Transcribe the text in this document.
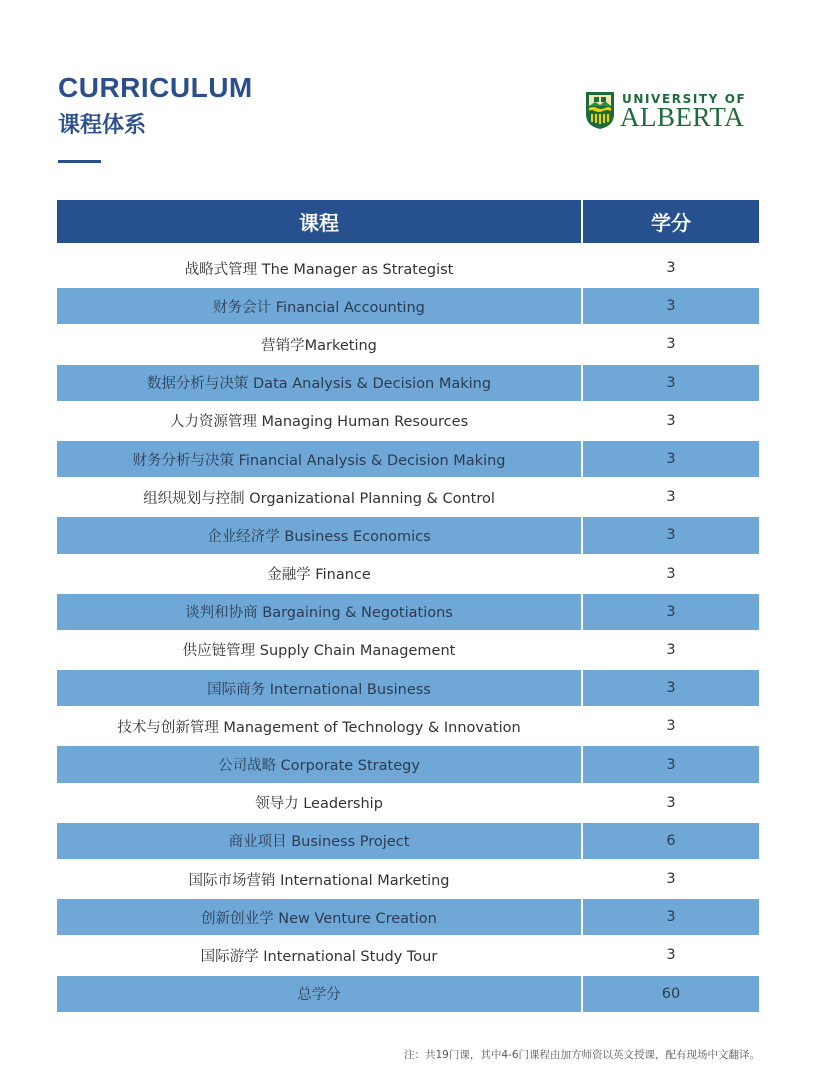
CURRICULUM
课程体系
UNIVERSITY OF
ALBERTA
课程	学分
战略式管理 The Manager as Strategist	3
财务会计 Financial Accounting	3
营销学Marketing	3
数据分析与决策 Data Analysis & Decision Making	3
人力资源管理 Managing Human Resources	3
财务分析与决策 Financial Analysis & Decision Making	3
组织规划与控制 Organizational Planning & Control	3
企业经济学 Business Economics	3
金融学 Finance	3
谈判和协商 Bargaining & Negotiations	3
供应链管理 Supply Chain Management	3
国际商务 International Business	3
技术与创新管理 Management of Technology & Innovation	3
公司战略 Corporate Strategy	3
领导力 Leadership	3
商业项目 Business Project	6
国际市场营销 International Marketing	3
创新创业学 New Venture Creation	3
国际游学 International Study Tour	3
总学分	60
注：共19门课，其中4-6门课程由加方师资以英文授课，配有现场中文翻译。
